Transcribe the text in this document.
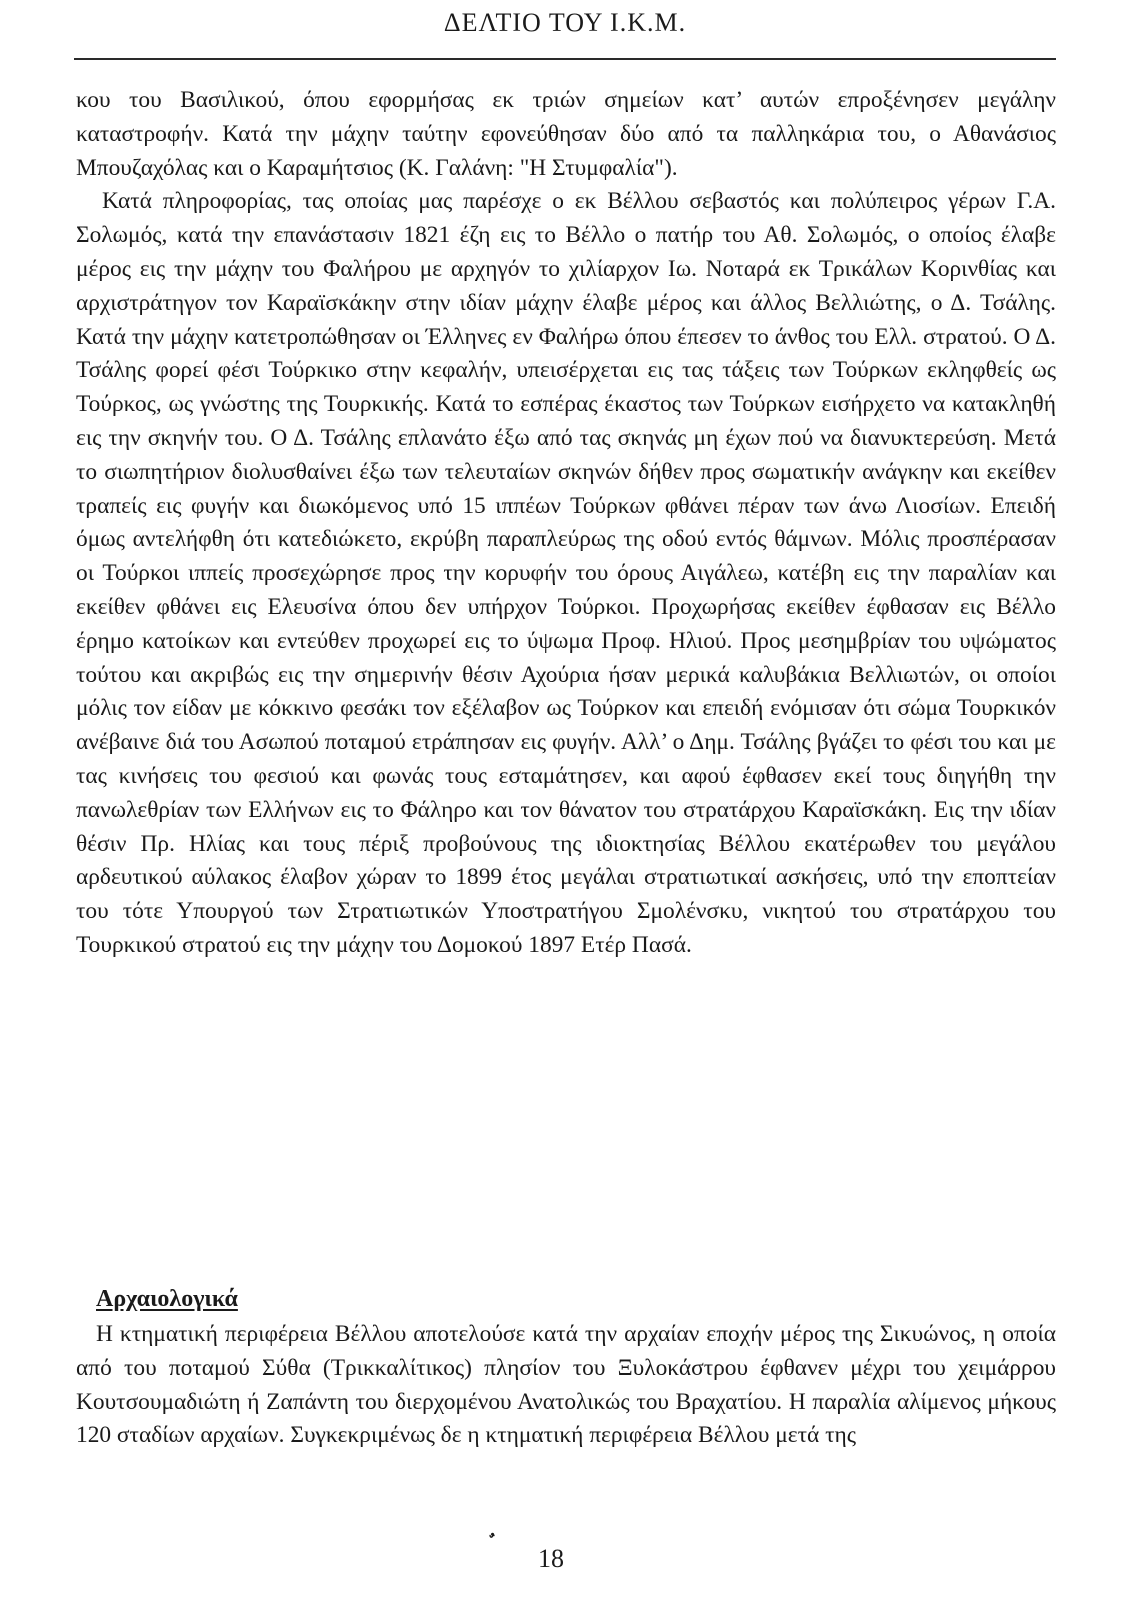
ΔΕΛΤΙΟ ΤΟΥ Ι.Κ.Μ.

κου του Βασιλικού, όπου εφορμήσας εκ τριών σημείων κατ’ αυτών επροξένησεν μεγάλην καταστροφήν. Κατά την μάχην ταύτην εφονεύθησαν δύο από τα παλληκάρια του, ο Αθανάσιος Μπουζαχόλας και ο Καραμήτσιος (Κ. Γαλάνη: "Η Στυμφαλία").

Κατά πληροφορίας, τας οποίας μας παρέσχε ο εκ Βέλλου σεβαστός και πολύπειρος γέρων Γ.Α. Σολωμός, κατά την επανάστασιν 1821 έζη εις το Βέλλο ο πατήρ του Αθ. Σολωμός, ο οποίος έλαβε μέρος εις την μάχην του Φαλήρου με αρχηγόν το χιλίαρχον Ιω. Νοταρά εκ Τρικάλων Κορινθίας και αρχιστράτηγον τον Καραϊσκάκην στην ιδίαν μάχην έλαβε μέρος και άλλος Βελλιώτης, ο Δ. Τσάλης. Κατά την μάχην κατετροπώθησαν οι Έλληνες εν Φαλήρω όπου έπεσεν το άνθος του Ελλ. στρατού. Ο Δ. Τσάλης φορεί φέσι Τούρκικο στην κεφαλήν, υπεισέρχεται εις τας τάξεις των Τούρκων εκληφθείς ως Τούρκος, ως γνώστης της Τουρκικής. Κατά το εσπέρας έκαστος των Τούρκων εισήρχετο να κατακληθή εις την σκηνήν του. Ο Δ. Τσάλης επλανάτο έξω από τας σκηνάς μη έχων πού να διανυκτερεύση. Μετά το σιωπητήριον διολυσθαίνει έξω των τελευταίων σκηνών δήθεν προς σωματικήν ανάγκην και εκείθεν τραπείς εις φυγήν και διωκόμενος υπό 15 ιππέων Τούρκων φθάνει πέραν των άνω Λιοσίων. Επειδή όμως αντελήφθη ότι κατεδιώκετο, εκρύβη παραπλεύρως της οδού εντός θάμνων. Μόλις προσπέρασαν οι Τούρκοι ιππείς προσεχώρησε προς την κορυφήν του όρους Αιγάλεω, κατέβη εις την παραλίαν και εκείθεν φθάνει εις Ελευσίνα όπου δεν υπήρχον Τούρκοι. Προχωρήσας εκείθεν έφθασαν εις Βέλλο έρημο κατοίκων και εντεύθεν προχωρεί εις το ύψωμα Προφ. Ηλιού. Προς μεσημβρίαν του υψώματος τούτου και ακριβώς εις την σημερινήν θέσιν Αχούρια ήσαν μερικά καλυβάκια Βελλιωτών, οι οποίοι μόλις τον είδαν με κόκκινο φεσάκι τον εξέλαβον ως Τούρκον και επειδή ενόμισαν ότι σώμα Τουρκικόν ανέβαινε διά του Ασωπού ποταμού ετράπησαν εις φυγήν. Αλλ’ ο Δημ. Τσάλης βγάζει το φέσι του και με τας κινήσεις του φεσιού και φωνάς τους εσταμάτησεν, και αφού έφθασεν εκεί τους διηγήθη την πανωλεθρίαν των Ελλήνων εις το Φάληρο και τον θάνατον του στρατάρχου Καραϊσκάκη. Εις την ιδίαν θέσιν Πρ. Ηλίας και τους πέριξ προβούνους της ιδιοκτησίας Βέλλου εκατέρωθεν του μεγάλου αρδευτικού αύλακος έλαβον χώραν το 1899 έτος μεγάλαι στρατιωτικαί ασκήσεις, υπό την εποπτείαν του τότε Υπουργού των Στρατιωτικών Υποστρατήγου Σμολένσκυ, νικητού του στρατάρχου του Τουρκικού στρατού εις την μάχην του Δομοκού 1897 Ετέρ Πασά.

Αρχαιολογικά

Η κτηματική περιφέρεια Βέλλου αποτελούσε κατά την αρχαίαν εποχήν μέρος της Σικυώνος, η οποία από του ποταμού Σύθα (Τρικκαλίτικος) πλησίον του Ξυλοκάστρου έφθανεν μέχρι του χειμάρρου Κουτσουμαδιώτη ή Ζαπάντη του διερχομένου Ανατολικώς του Βραχατίου. Η παραλία αλίμενος μήκους 120 σταδίων αρχαίων. Συγκεκριμένως δε η κτηματική περιφέρεια Βέλλου μετά της

18
